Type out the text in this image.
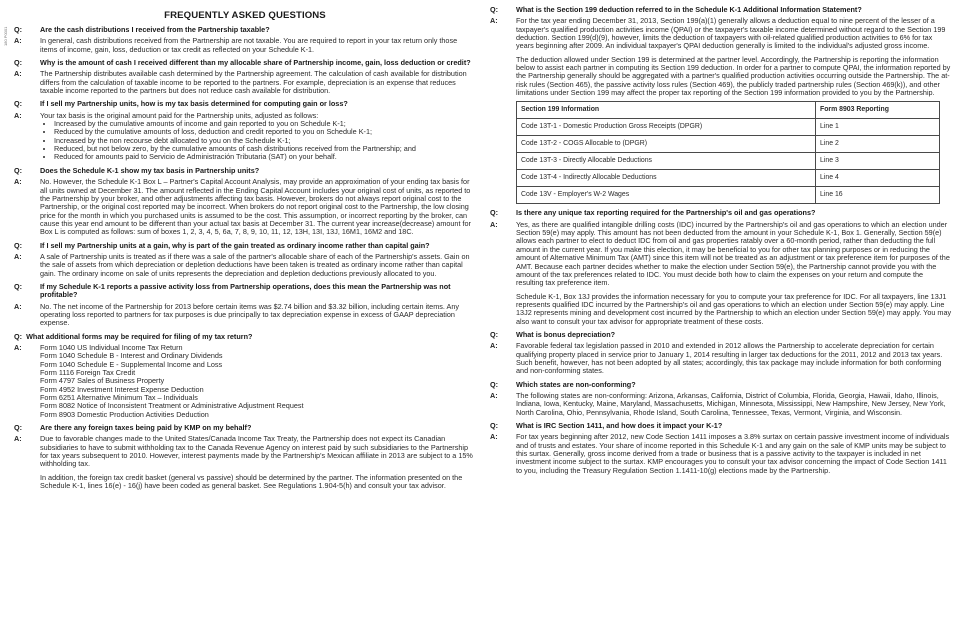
180 P0001
FREQUENTLY ASKED QUESTIONS
Q:	Are the cash distributions I received from the Partnership taxable?
A:	In general, cash distributions received from the Partnership are not taxable. You are required to report in your tax return only those items of income, gain, loss, deduction or tax credit as reflected on your Schedule K-1.

Q:	Why is the amount of cash I received different than my allocable share of Partnership income, gain, loss deduction or credit?
A:	The Partnership distributes available cash determined by the Partnership agreement. The calculation of cash available for distribution differs from the calculation of taxable income to be reported to the partners. For example, depreciation is an expense that reduces taxable income reported to the partners but does not reduce cash available for distribution.

Q:	If I sell my Partnership units, how is my tax basis determined for computing gain or loss?
A:	Your tax basis is the original amount paid for the Partnership units, adjusted as follows:

• Increased by the cumulative amounts of income and gain reported to you on Schedule K-1;
• Reduced by the cumulative amounts of loss, deduction and credit reported to you on Schedule K-1;
• Increased by the non recourse debt allocated to you on the Schedule K-1;
• Reduced, but not below zero, by the cumulative amounts of cash distributions received from the Partnership; and
• Reduced for amounts paid to Servicio de Administración Tributaria (SAT) on your behalf.
Q:	Does the Schedule K-1 show my tax basis in Partnership units?
A:	No. However, the Schedule K-1 Box L – Partner's Capital Account Analysis, may provide an approximation of your ending tax basis for all units owned at December 31. The amount reflected in the Ending Capital Account includes your original cost of units, as reported to the Partnership by your broker, and other adjustments affecting tax basis. However, brokers do not always report original cost to the Partnership, or the original cost reported may be incorrect. When brokers do not report original cost to the Partnership, the low closing price for the month in which you purchased units is assumed to be the cost. This assumption, or incorrect reporting by the broker, can cause this year end amount to be different than your actual tax basis at December 31. The current year increase(decrease) amount for Box L is computed as follows: sum of boxes 1, 2, 3, 4, 5, 6a, 7, 8, 9, 10, 11, 12, 13H, 13I, 13J, 16M1, 16M2 and 18C.

Q:	If I sell my Partnership units at a gain, why is part of the gain treated as ordinary income rather than capital gain?
A:	A sale of Partnership units is treated as if there was a sale of the partner's allocable share of each of the Partnership's assets. Gain on the sale of assets from which depreciation or depletion deductions have been taken is treated as ordinary income rather than capital gain. The ordinary income on sale of units represents the depreciation and depletion deductions previously allocated to you.

Q:	If my Schedule K-1 reports a passive activity loss from Partnership operations, does this mean the Partnership was not profitable?
A:	No. The net income of the Partnership for 2013 before certain items was $2.74 billion and $3.32 billion, including certain items. Any operating loss reported to partners for tax purposes is due principally to tax depreciation expense in excess of GAAP depreciation expense.

Q: What additional forms may be required for filing of my tax return?
A:	Form 1040 US Individual Income Tax Return
Form 1040 Schedule B - Interest and Ordinary Dividends
Form 1040 Schedule E - Supplemental Income and Loss
Form 1116 Foreign Tax Credit
Form 4797 Sales of Business Property
Form 4952 Investment Interest Expense Deduction
Form 6251 Alternative Minimum Tax – Individuals
Form 8082 Notice of Inconsistent Treatment or Administrative Adjustment Request
Form 8903 Domestic Production Activities Deduction
Q:	Are there any foreign taxes being paid by KMP on my behalf?
A:	Due to favorable changes made to the United States/Canada Income Tax Treaty, the Partnership does not expect its Canadian subsidiaries to have to submit withholding tax to the Canada Revenue Agency on interest paid by such subsidiaries to the Partnership for tax years subsequent to 2010. However, interest payments made by the Partnership's Mexican affiliate in 2013 are subject to a 15% withholding tax.

In addition, the foreign tax credit basket (general vs passive) should be determined by the partner. The information presented on the Schedule K-1, lines 16(e) - 16(j) have been coded as general basket. See Regulations 1.904-5(h) and consult your tax advisor.

Q:	What is the Section 199 deduction referred to in the Schedule K-1 Additional Information Statement?
A:	For the tax year ending December 31, 2013, Section 199(a)(1) generally allows a deduction equal to nine percent of the lesser of a taxpayer's qualified production activities income (QPAI) or the taxpayer's taxable income determined without regard to the Section 199 deduction. Section 199(d)(9), however, limits the deduction of taxpayers with oil-related qualified production activities to 6% for tax years beginning after 2009. An individual taxpayer's QPAI deduction generally is limited to the individual's adjusted gross income.

The deduction allowed under Section 199 is determined at the partner level. Accordingly, the Partnership is reporting the information below to assist each partner in computing its Section 199 deduction. In order for a partner to compute QPAI, the information reported by the Partnership generally should be aggregated with a partner's qualified production activities occurring outside the Partnership. The at-risk rules (Section 465), the passive activity loss rules (Section 469), the publicly traded partnership rules (Section 469(k)), and other limitations under Section 199 may affect the proper tax reporting of the Section 199 information provided to you by the Partnership.

Section 199 Information	Form 8903 Reporting
Code 13T-1 - Domestic Production Gross Receipts (DPGR)	Line 1
Code 13T-2 - COGS Allocable to (DPGR)	Line 2
Code 13T-3 - Directly Allocable Deductions	Line 3
Code 13T-4 - Indirectly Allocable Deductions	Line 4
Code 13V - Employer's W-2 Wages	Line 16
Q:	Is there any unique tax reporting required for the Partnership's oil and gas operations?
A:	Yes, as there are qualified intangible drilling costs (IDC) incurred by the Partnership's oil and gas operations to which an election under Section 59(e) may apply. This amount has not been deducted from the amount in your Schedule K-1, Box 1. Generally, Section 59(e) allows each partner to elect to deduct IDC from oil and gas properties ratably over a 60-month period, rather than deducting the full amount in the current year. If you make this election, it may be beneficial to you for other tax planning purposes or in reducing the amount of Alternative Minimum Tax (AMT) since this item will not be treated as an adjustment or tax preference item for purposes of the AMT. Because each partner decides whether to make the election under Section 59(e), the Partnership cannot provide you with the amount of the tax preferences related to IDC. You must decide both how to claim the expenses on your return and compute the resulting tax preference item.

Schedule K-1, Box 13J provides the information necessary for you to compute your tax preference for IDC. For all taxpayers, line 13J1 represents qualified IDC incurred by the Partnership's oil and gas operations to which an election under Section 59(e) may apply. Line 13J2 represents mining and development cost incurred by the Partnership to which an election under Section 59(e) may apply. You may also want to consult your tax advisor for appropriate treatment of these costs.

Q:	What is bonus depreciation?
A:	Favorable federal tax legislation passed in 2010 and extended in 2012 allows the Partnership to accelerate depreciation for certain qualifying property placed in service prior to January 1, 2014 resulting in larger tax deductions for the 2011, 2012 and 2013 tax years. Such benefit, however, has not been adopted by all states; accordingly, this tax package may include information for both conforming and non-conforming states.

Q:	Which states are non-conforming?
A:	The following states are non-conforming: Arizona, Arkansas, California, District of Columbia, Florida, Georgia, Hawaii, Idaho, Illinois, Indiana, Iowa, Kentucky, Maine, Maryland, Massachusetts, Michigan, Minnesota, Mississippi, New Hampshire, New Jersey, New York, North Carolina, Ohio, Pennsylvania, Rhode Island, South Carolina, Tennessee, Texas, Vermont, Virginia, and Wisconsin.

Q:	What is IRC Section 1411, and how does it impact your K-1?
A:	For tax years beginning after 2012, new Code Section 1411 imposes a 3.8% surtax on certain passive investment income of individuals and of trusts and estates. Your share of income reported in this Schedule K-1 and any gain on the sale of KMP units may be subject to this surtax. Generally, gross income derived from a trade or business that is a passive activity to the taxpayer is included in net investment income subject to the surtax. KMP encourages you to consult your tax advisor concerning the impact of Code Section 1411 to you, including the Treasury Regulation Section 1.1411-10(g) elections made by the Partnership.
